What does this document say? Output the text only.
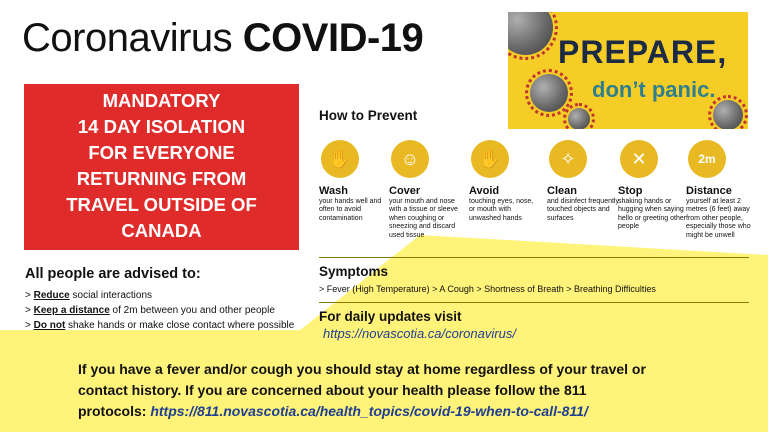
Coronavirus COVID-19	PREPARE,
don’t panic.
MANDATORY
14 DAY ISOLATION
FOR EVERYONE
RETURNING FROM
TRAVEL OUTSIDE OF
CANADA
All people are advised to:
> Reduce social interactions
> Keep a distance of 2m between you and other people
> Do not shake hands or make close contact where possible
How to Prevent
✋
Wash
your hands well and often to avoid contamination
☺
Cover
your mouth and nose with a tissue or sleeve when coughing or sneezing and discard used tissue
✋
Avoid
touching eyes, nose, or mouth with unwashed hands
✧
Clean
and disinfect frequently touched objects and surfaces
✕
Stop
shaking hands or hugging when saying hello or greeting other people
2m
Distance
yourself at least 2 metres (6 feet) away from other people, especially those who might be unwell
Symptoms
> Fever (High Temperature) > A Cough > Shortness of Breath > Breathing Difficulties
For daily updates visit
https://novascotia.ca/coronavirus/
If you have a fever and/or cough you should stay at home regardless of your travel or
contact history. If you are concerned about your health please follow the 811
protocols: https://811.novascotia.ca/health_topics/covid-19-when-to-call-811/
